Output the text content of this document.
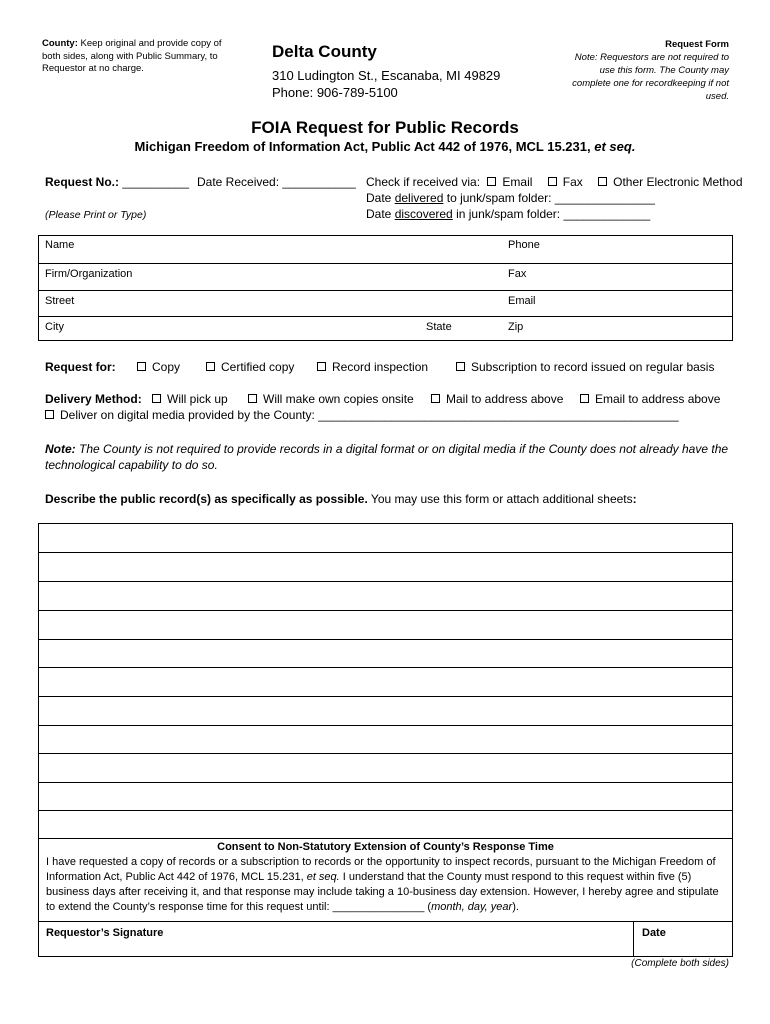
County: Keep original and provide copy of both sides, along with Public Summary, to Requestor at no charge.
Delta County
310 Ludington St., Escanaba, MI 49829
Phone: 906-789-5100
Request Form
Note: Requestors are not required to use this form. The County may complete one for recordkeeping if not used.
FOIA Request for Public Records
Michigan Freedom of Information Act, Public Act 442 of 1976, MCL 15.231, et seq.
Request No.: __________ Date Received: ___________
(Please Print or Type)
Check if received via: Email	Fax	Other Electronic Method
Date delivered to junk/spam folder: _______________
Date discovered in junk/spam folder: _____________
Name	Phone
Firm/Organization	Fax
Street	Email
City	State	Zip
Request for:	Copy	Certified copy	Record inspection	Subscription to record issued on regular basis
Delivery Method:	Will pick up	Will make own copies onsite	Mail to address above	Email to address above
Deliver on digital media provided by the County: ______________________________________________________
Note: The County is not required to provide records in a digital format or on digital media if the County does not already have the technological capability to do so.
Describe the public record(s) as specifically as possible. You may use this form or attach additional sheets:
Consent to Non-Statutory Extension of County’s Response Time
I have requested a copy of records or a subscription to records or the opportunity to inspect records, pursuant to the Michigan Freedom of Information Act, Public Act 442 of 1976, MCL 15.231, et seq. I understand that the County must respond to this request within five (5) business days after receiving it, and that response may include taking a 10-business day extension. However, I hereby agree and stipulate to extend the County’s response time for this request until: _______________ (month, day, year).
Requestor’s Signature	Date
(Complete both sides)
